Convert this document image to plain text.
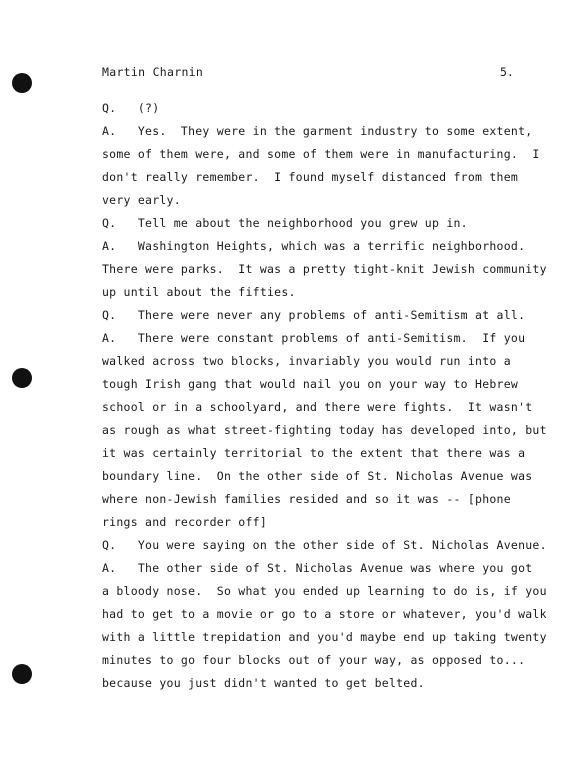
Martin Charnin	5.
Q.   (?)
A.   Yes.  They were in the garment industry to some extent,
some of them were, and some of them were in manufacturing.  I
don't really remember.  I found myself distanced from them
very early.
Q.   Tell me about the neighborhood you grew up in.
A.   Washington Heights, which was a terrific neighborhood.
There were parks.  It was a pretty tight-knit Jewish community
up until about the fifties.
Q.   There were never any problems of anti-Semitism at all.
A.   There were constant problems of anti-Semitism.  If you
walked across two blocks, invariably you would run into a
tough Irish gang that would nail you on your way to Hebrew
school or in a schoolyard, and there were fights.  It wasn't
as rough as what street-fighting today has developed into, but
it was certainly territorial to the extent that there was a
boundary line.  On the other side of St. Nicholas Avenue was
where non-Jewish families resided and so it was -- [phone
rings and recorder off]
Q.   You were saying on the other side of St. Nicholas Avenue.
A.   The other side of St. Nicholas Avenue was where you got
a bloody nose.  So what you ended up learning to do is, if you
had to get to a movie or go to a store or whatever, you'd walk
with a little trepidation and you'd maybe end up taking twenty
minutes to go four blocks out of your way, as opposed to...
because you just didn't wanted to get belted.
